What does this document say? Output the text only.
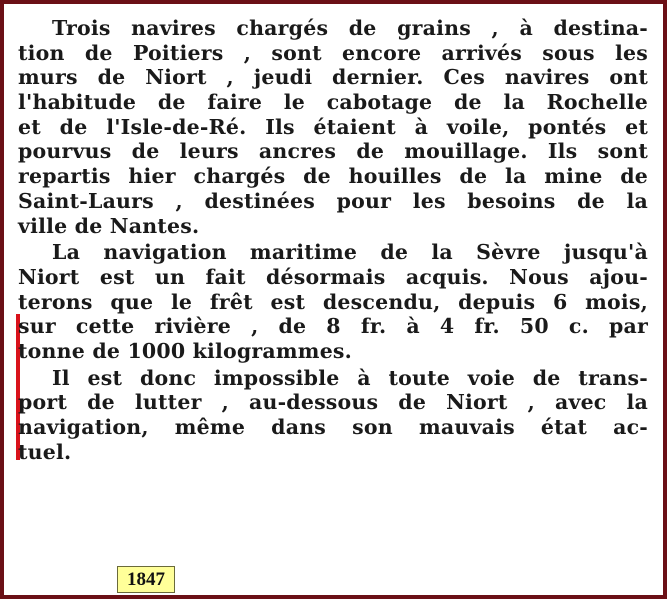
Trois navires chargés de grains , à destina-
tion de Poitiers , sont encore arrivés sous les
murs de Niort , jeudi dernier. Ces navires ont
l'habitude de faire le cabotage de la Rochelle
et de l'Isle-de-Ré. Ils étaient à voile, pontés et
pourvus de leurs ancres de mouillage. Ils sont
repartis hier chargés de houilles de la mine de
Saint-Laurs , destinées pour les besoins de la
ville de Nantes.
La navigation maritime de la Sèvre jusqu'à
Niort est un fait désormais acquis. Nous ajou-
terons que le frêt est descendu, depuis 6 mois,
sur cette rivière , de 8 fr. à 4 fr. 50 c. par
tonne de 1000 kilogrammes.
Il est donc impossible à toute voie de trans-
port de lutter , au-dessous de Niort , avec la
navigation, même dans son mauvais état ac-
tuel.
1847
